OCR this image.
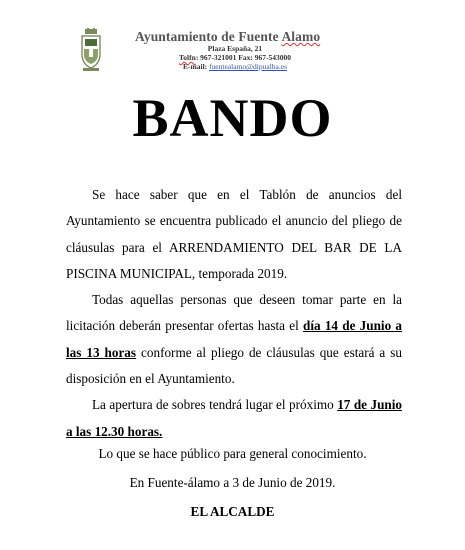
Ayuntamiento de Fuente Alamo
Plaza España, 21
Tolfn: 967-321001 Fax: 967-543000
E-mail: fuentealamo@dipualba.es
BANDO

Se hace saber que en el Tablón de anuncios del Ayuntamiento se encuentra publicado el anuncio del pliego de cláusulas para el ARRENDAMIENTO DEL BAR DE LA PISCINA MUNICIPAL, temporada 2019.

Todas aquellas personas que deseen tomar parte en la licitación deberán presentar ofertas hasta el día 14 de Junio a las 13 horas conforme al pliego de cláusulas que estará a su disposición en el Ayuntamiento.

La apertura de sobres tendrá lugar el próximo 17 de Junio a las 12.30 horas.

Lo que se hace público para general conocimiento.
En Fuente-álamo a 3 de Junio de 2019.
EL ALCALDE
